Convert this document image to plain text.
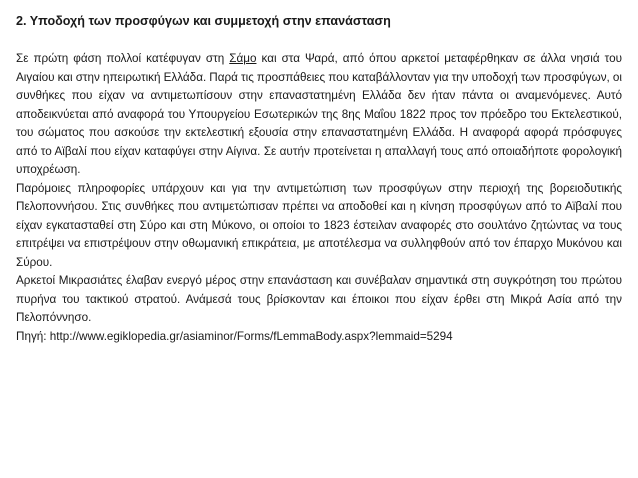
2. Υποδοχή των προσφύγων και συμμετοχή στην επανάσταση

Σε πρώτη φάση πολλοί κατέφυγαν στη Σάμο και στα Ψαρά, από όπου αρκετοί μεταφέρθηκαν σε άλλα νησιά του Αιγαίου και στην ηπειρωτική Ελλάδα. Παρά τις προσπάθειες που καταβάλλονταν για την υποδοχή των προσφύγων, οι συνθήκες που είχαν να αντιμετωπίσουν στην επαναστατημένη Ελλάδα δεν ήταν πάντα οι αναμενόμενες. Αυτό αποδεικνύεται από αναφορά του Υπουργείου Εσωτερικών της 8ης Μαΐου 1822 προς τον πρόεδρο του Εκτελεστικού, του σώματος που ασκούσε την εκτελεστική εξουσία στην επαναστατημένη Ελλάδα. Η αναφορά αφορά πρόσφυγες από το Αϊβαλί που είχαν καταφύγει στην Αίγινα. Σε αυτήν προτείνεται η απαλλαγή τους από οποιαδήποτε φορολογική υποχρέωση.

Παρόμοιες πληροφορίες υπάρχουν και για την αντιμετώπιση των προσφύγων στην περιοχή της βορειοδυτικής Πελοποννήσου. Στις συνθήκες που αντιμετώπισαν πρέπει να αποδοθεί και η κίνηση προσφύγων από το Αϊβαλί που είχαν εγκατασταθεί στη Σύρο και στη Μύκονο, οι οποίοι το 1823 έστειλαν αναφορές στο σουλτάνο ζητώντας να τους επιτρέψει να επιστρέψουν στην οθωμανική επικράτεια, με αποτέλεσμα να συλληφθούν από τον έπαρχο Μυκόνου και Σύρου.

Αρκετοί Μικρασιάτες έλαβαν ενεργό μέρος στην επανάσταση και συνέβαλαν σημαντικά στη συγκρότηση του πρώτου πυρήνα του τακτικού στρατού. Ανάμεσά τους βρίσκονταν και έποικοι που είχαν έρθει στη Μικρά Ασία από την Πελοπόννησο.

Πηγή: http://www.egiklopedia.gr/asiaminor/Forms/fLemmaBody.aspx?lemmaid=5294
